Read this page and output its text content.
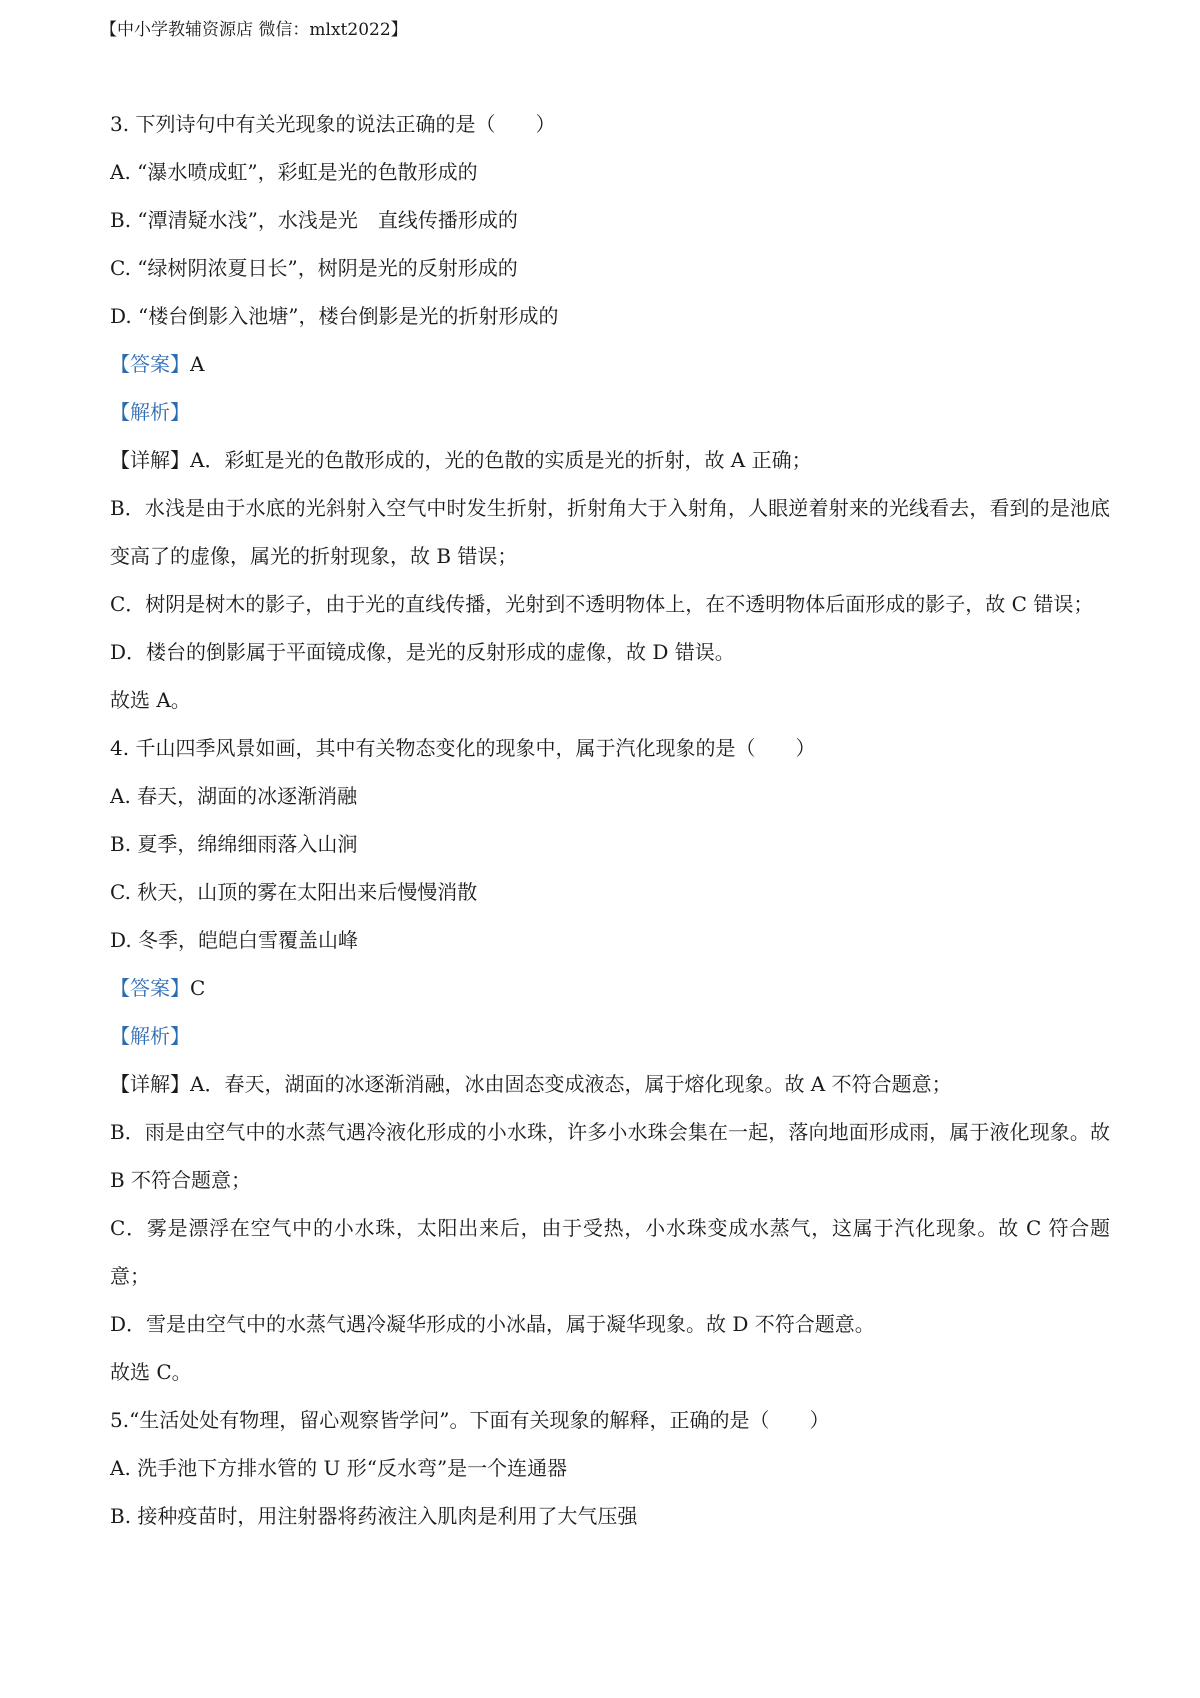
【中小学教辅资源店 微信：mlxt2022】
3. 下列诗句中有关光现象的说法正确的是（　　）
A. “瀑水喷成虹”，彩虹是光的色散形成的
B. “潭清疑水浅”，水浅是光　直线传播形成的
C. “绿树阴浓夏日长”，树阴是光的反射形成的
D. “楼台倒影入池塘”，楼台倒影是光的折射形成的
【答案】A
【解析】
【详解】A．彩虹是光的色散形成的，光的色散的实质是光的折射，故 A 正确；
B．水浅是由于水底的光斜射入空气中时发生折射，折射角大于入射角，人眼逆着射来的光线看去，看到的是池底变高了的虚像，属光的折射现象，故 B 错误；
C．树阴是树木的影子，由于光的直线传播，光射到不透明物体上，在不透明物体后面形成的影子，故 C 错误；
D．楼台的倒影属于平面镜成像，是光的反射形成的虚像，故 D 错误。
故选 A。
4. 千山四季风景如画，其中有关物态变化的现象中，属于汽化现象的是（　　）
A. 春天，湖面的冰逐渐消融
B. 夏季，绵绵细雨落入山涧
C. 秋天，山顶的雾在太阳出来后慢慢消散
D. 冬季，皑皑白雪覆盖山峰
【答案】C
【解析】
【详解】A．春天，湖面的冰逐渐消融，冰由固态变成液态，属于熔化现象。故 A 不符合题意；
B．雨是由空气中的水蒸气遇冷液化形成的小水珠，许多小水珠会集在一起，落向地面形成雨，属于液化现象。故 B 不符合题意；
C．雾是漂浮在空气中的小水珠，太阳出来后，由于受热，小水珠变成水蒸气，这属于汽化现象。故 C 符合题意；
D．雪是由空气中的水蒸气遇冷凝华形成的小冰晶，属于凝华现象。故 D 不符合题意。
故选 C。
5.“生活处处有物理，留心观察皆学问”。下面有关现象的解释，正确的是（　　）
A. 洗手池下方排水管的 U 形“反水弯”是一个连通器
B. 接种疫苗时，用注射器将药液注入肌肉是利用了大气压强
